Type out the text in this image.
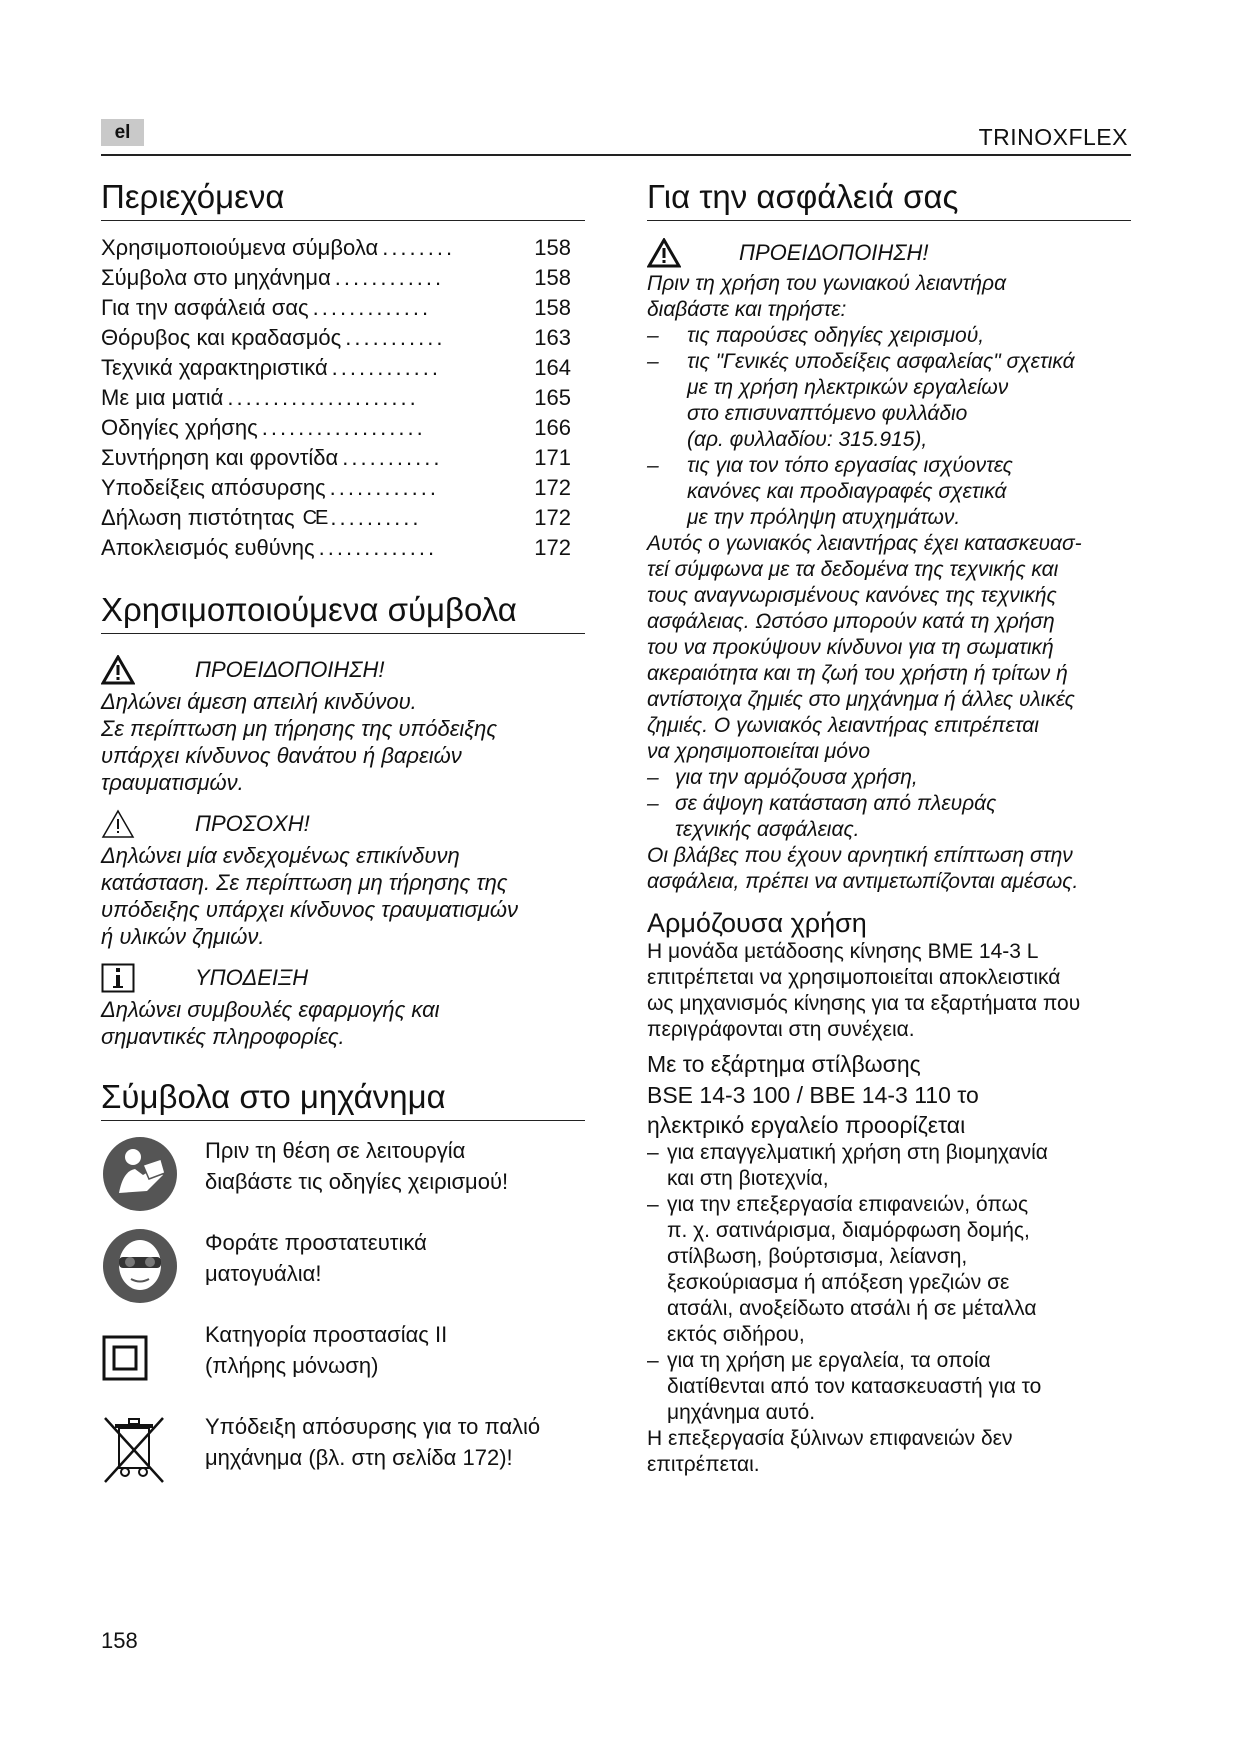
el	TRINOXFLEX
Περιεχόμενα
Χρησιμοποιούμενα σύμβολα ........	158
Σύμβολα στο μηχάνημα ............	158
Για την ασφάλειά σας .............	158
Θόρυβος και κραδασμός ...........	163
Τεχνικά χαρακτηριστικά ............	164
Με μια ματιά .....................	165
Οδηγίες χρήσης ..................	166
Συντήρηση και φροντίδα ...........	171
Υποδείξεις απόσυρσης ............	172
Δήλωση πιστότητας CE ..........	172
Αποκλεισμός ευθύνης .............	172
Χρησιμοποιούμενα σύμβολα
ΠΡΟΕΙΔΟΠΟΙΗΣΗ!
Δηλώνει άμεση απειλή κινδύνου.
Σε περίπτωση μη τήρησης της υπόδειξης
υπάρχει κίνδυνος θανάτου ή βαρειών
τραυματισμών.
ΠΡΟΣΟΧΗ!
Δηλώνει μία ενδεχομένως επικίνδυνη
κατάσταση. Σε περίπτωση μη τήρησης της
υπόδειξης υπάρχει κίνδυνος τραυματισμών
ή υλικών ζημιών.
ΥΠΟΔΕΙΞΗ
Δηλώνει συμβουλές εφαρμογής και
σημαντικές πληροφορίες.
Σύμβολα στο μηχάνημα
Πριν τη θέση σε λειτουργία
διαβάστε τις οδηγίες χειρισμού!
Φοράτε προστατευτικά
ματογυάλια!
Κατηγορία προστασίας II
(πλήρης μόνωση)
Υπόδειξη απόσυρσης για το παλιό
μηχάνημα (βλ. στη σελίδα 172)!
Για την ασφάλειά σας
ΠΡΟΕΙΔΟΠΟΙΗΣΗ!

Πριν τη χρήση του γωνιακού λειαντήρα
διαβάστε και τηρήστε:

–	τις παρούσες οδηγίες χειρισμού,
–	τις "Γενικές υποδείξεις ασφαλείας" σχετικά
με τη χρήση ηλεκτρικών εργαλείων
στο επισυναπτόμενο φυλλάδιο
(αρ. φυλλαδίου: 315.915),
–	τις για τον τόπο εργασίας ισχύοντες
κανόνες και προδιαγραφές σχετικά
με την πρόληψη ατυχημάτων.

Αυτός ο γωνιακός λειαντήρας έχει κατασκευασ-
τεί σύμφωνα με τα δεδομένα της τεχνικής και
τους αναγνωρισμένους κανόνες της τεχνικής
ασφάλειας. Ωστόσο μπορούν κατά τη χρήση
του να προκύψουν κίνδυνοι για τη σωματική
ακεραιότητα και τη ζωή του χρήστη ή τρίτων ή
αντίστοιχα ζημιές στο μηχάνημα ή άλλες υλικές
ζημιές. Ο γωνιακός λειαντήρας επιτρέπεται
να χρησιμοποιείται μόνο

– για την αρμόζουσα χρήση,
– σε άψογη κατάσταση από πλευράς
τεχνικής ασφάλειας.

Οι βλάβες που έχουν αρνητική επίπτωση στην
ασφάλεια, πρέπει να αντιμετωπίζονται αμέσως.

Αρμόζουσα χρήση

Η μονάδα μετάδοσης κίνησης BME 14-3 L
επιτρέπεται να χρησιμοποιείται αποκλειστικά
ως μηχανισμός κίνησης για τα εξαρτήματα που
περιγράφονται στη συνέχεια.

Με το εξάρτημα στίλβωσης
BSE 14-3 100 / BBE 14-3 110 το
ηλεκτρικό εργαλείο προορίζεται
– για επαγγελματική χρήση στη βιομηχανία
και στη βιοτεχνία,
– για την επεξεργασία επιφανειών, όπως
π. χ. σατινάρισμα, διαμόρφωση δομής,
στίλβωση, βούρτσισμα, λείανση,
ξεσκούριασμα ή απόξεση γρεζιών σε
ατσάλι, ανοξείδωτο ατσάλι ή σε μέταλλα
εκτός σιδήρου,
– για τη χρήση με εργαλεία, τα οποία
διατίθενται από τον κατασκευαστή για το
μηχάνημα αυτό.

Η επεξεργασία ξύλινων επιφανειών δεν
επιτρέπεται.

158
